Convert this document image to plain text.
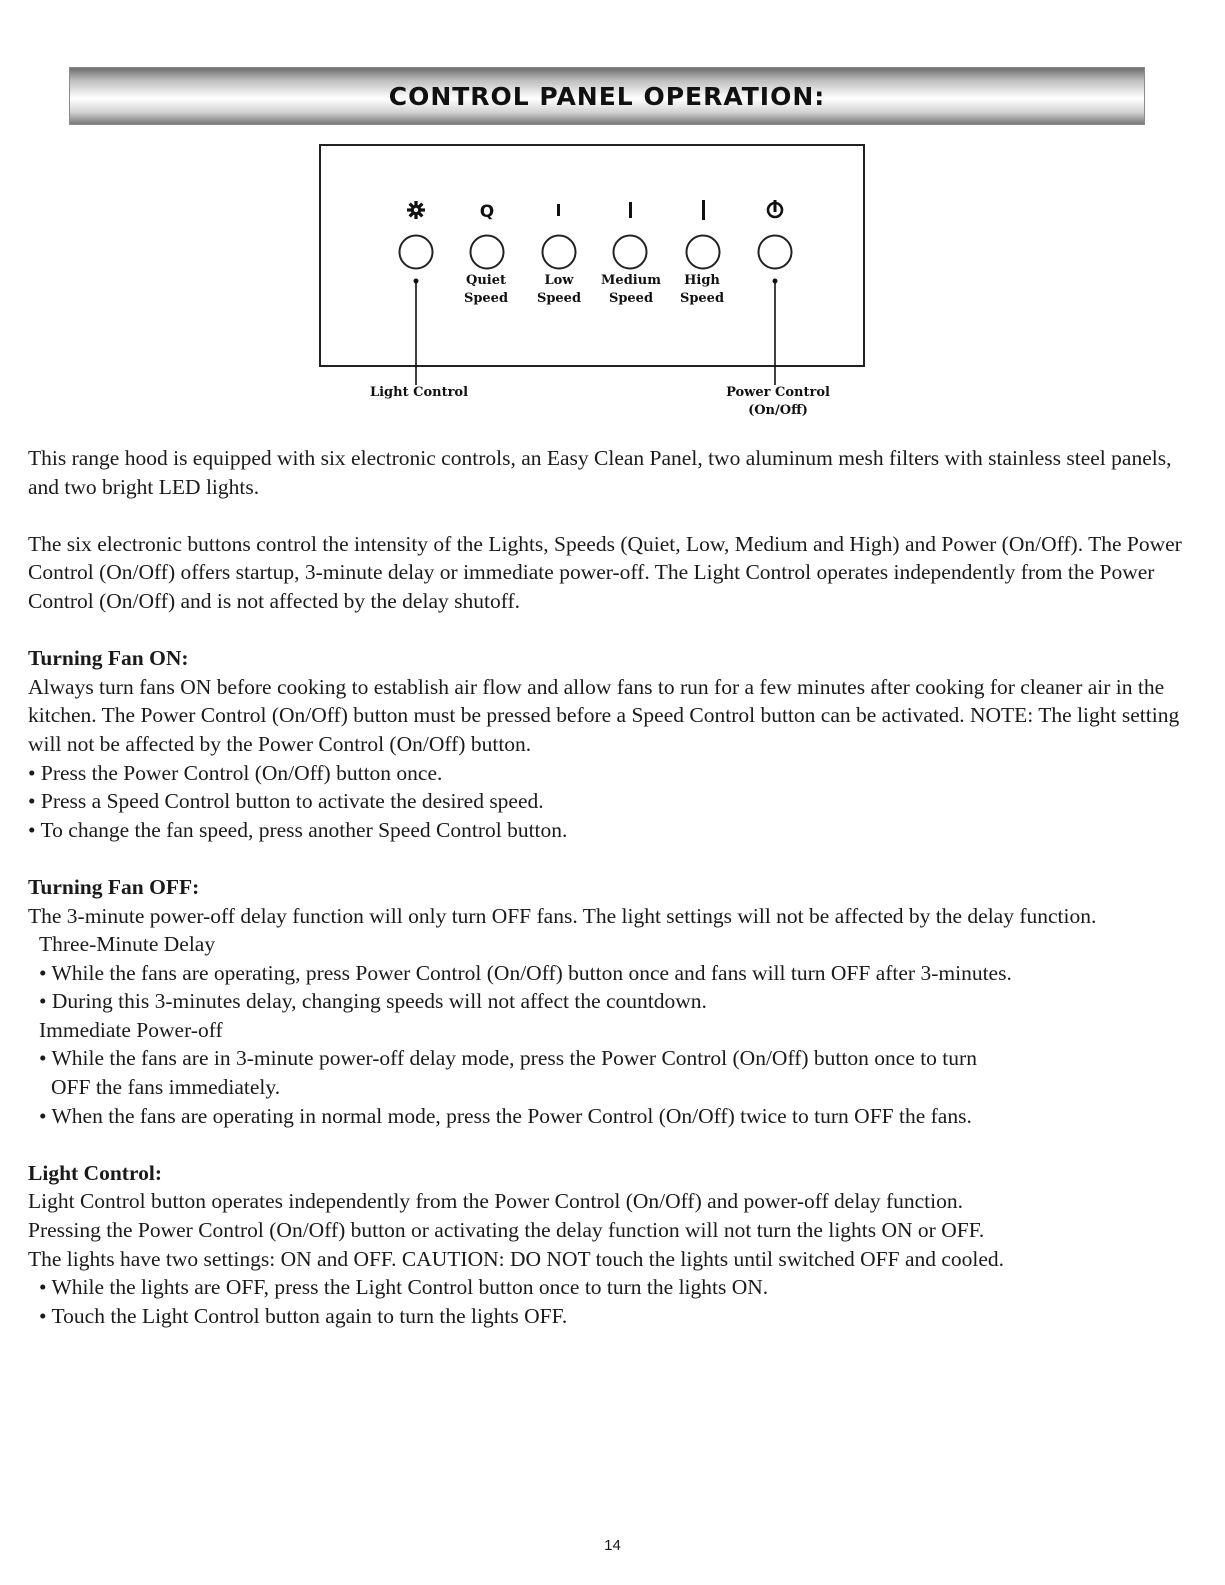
CONTROL PANEL OPERATION:
Q
Quiet
Speed
Low
Speed
Medium
Speed
High
Speed
Light Control	Power Control
(On/Off)

This range hood is equipped with six electronic controls, an Easy Clean Panel, two aluminum mesh filters with stainless steel panels, and two bright LED lights.

The six electronic buttons control the intensity of the Lights, Speeds (Quiet, Low, Medium and High) and Power (On/Off). The Power Control (On/Off) offers startup, 3-minute delay or immediate power-off. The Light Control operates independently from the Power Control (On/Off) and is not affected by the delay shutoff.

Turning Fan ON:

Always turn fans ON before cooking to establish air flow and allow fans to run for a few minutes after cooking for cleaner air in the kitchen. The Power Control (On/Off) button must be pressed before a Speed Control button can be activated. NOTE: The light setting will not be affected by the Power Control (On/Off) button.

• Press the Power Control (On/Off) button once.

• Press a Speed Control button to activate the desired speed.

• To change the fan speed, press another Speed Control button.

Turning Fan OFF:

The 3-minute power-off delay function will only turn OFF fans. The light settings will not be affected by the delay function.

Three-Minute Delay

• While the fans are operating, press Power Control (On/Off) button once and fans will turn OFF after 3-minutes.

• During this 3-minutes delay, changing speeds will not affect the countdown.

Immediate Power-off

• While the fans are in 3-minute power-off delay mode, press the Power Control (On/Off) button once to turn

OFF the fans immediately.

• When the fans are operating in normal mode, press the Power Control (On/Off) twice to turn OFF the fans.

Light Control:

Light Control button operates independently from the Power Control (On/Off) and power-off delay function.

Pressing the Power Control (On/Off) button or activating the delay function will not turn the lights ON or OFF.

The lights have two settings: ON and OFF. CAUTION: DO NOT touch the lights until switched OFF and cooled.

• While the lights are OFF, press the Light Control button once to turn the lights ON.

• Touch the Light Control button again to turn the lights OFF.

14
